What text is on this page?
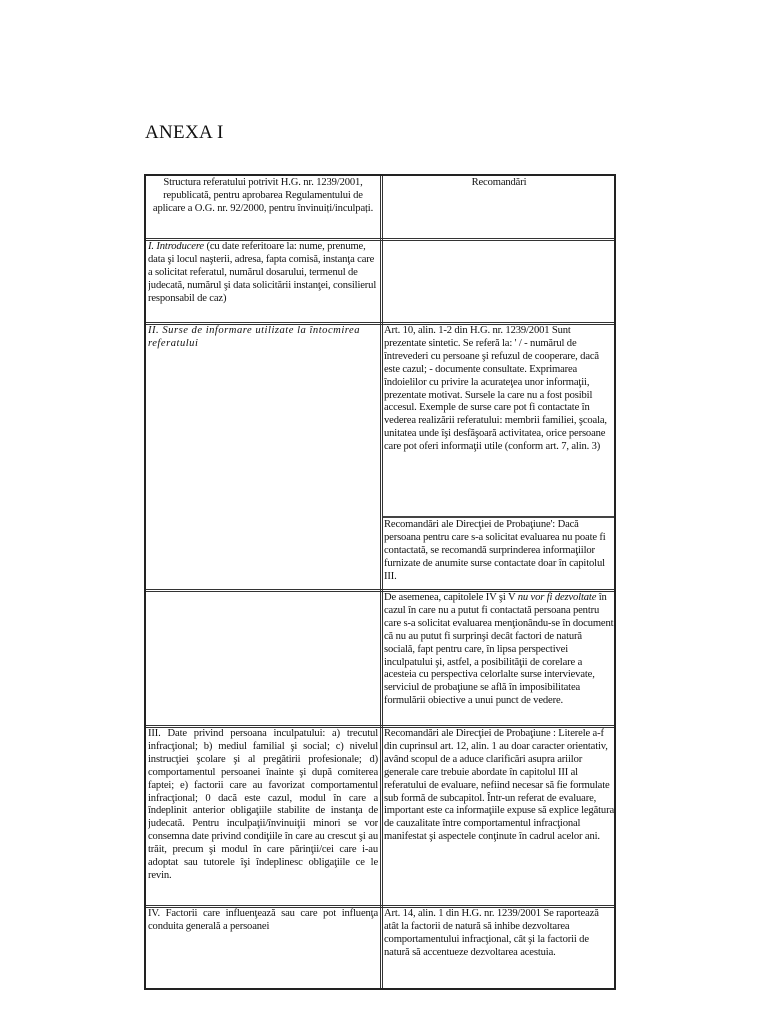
ANEXA I
Structura referatului potrivit H.G. nr. 1239/2001, republicată, pentru aprobarea Regulamentului de aplicare a O.G. nr. 92/2000, pentru învinuiți/inculpați.
Recomandări
I. Introducere (cu date referitoare la: nume, prenume, data şi locul naşterii, adresa, fapta comisă, instanţa care a solicitat referatul, numărul dosarului, termenul de judecată, numărul şi data solicitării instanţei, consilierul responsabil de caz)
II. Surse de informare utilizate la întocmirea referatului
Art. 10, alin. 1-2 din H.G. nr. 1239/2001 Sunt prezentate sintetic. Se referă la: ' / - numărul de întrevederi cu persoane şi refuzul de cooperare, dacă este cazul; - documente consultate. Exprimarea îndoielilor cu privire la acurateţea unor informaţii, prezentate motivat. Sursele la care nu a fost posibil accesul. Exemple de surse care pot fi contactate în vederea realizării referatului: membrii familiei, şcoala, unitatea unde îşi desfăşoară activitatea, orice persoane care pot oferi informaţii utile (conform art. 7, alin. 3)
Recomandări ale Direcţiei de Probaţiune': Dacă persoana pentru care s-a solicitat evaluarea nu poate fi contactată, se recomandă surprinderea informaţiilor furnizate de anumite surse contactate doar în capitolul III.
De asemenea, capitolele IV şi V nu vor fi dezvoltate în cazul în care nu a putut fi contactată persoana pentru care s-a solicitat evaluarea menţionându-se în document că nu au putut fi surprinşi decât factori de natură socială, fapt pentru care, în lipsa perspectivei inculpatului şi, astfel, a posibilităţii de corelare a acesteia cu perspectiva celorlalte surse intervievate, serviciul de probaţiune se află în imposibilitatea formulării obiective a unui punct de vedere.
III. Date privind persoana inculpatului: a) trecutul infracţional; b) mediul familial şi social; c) nivelul instrucţiei şcolare şi al pregătirii profesionale; d) comportamentul persoanei înainte şi după comiterea faptei; e) factorii care au favorizat comportamentul infracţional; 0 dacă este cazul, modul în care a îndeplinit anterior obligaţiile stabilite de instanţa de judecată. Pentru inculpaţii/învinuiţii minori se vor consemna date privind condiţiile în care au crescut şi au trăit, precum şi modul în care părinţii/cei care i-au adoptat sau tutorele îşi îndeplinesc obligaţiile ce le revin.
Recomandări ale Direcţiei de Probaţiune : Literele a-f din cuprinsul art. 12, alin. 1 au doar caracter orientativ, având scopul de a aduce clarificări asupra ariilor generale care trebuie abordate în capitolul III al referatului de evaluare, nefiind necesar să fie formulate sub formă de subcapitol. Într-un referat de evaluare, important este ca informaţiile expuse să explice legătura de cauzalitate între comportamentul infracţional manifestat şi aspectele conţinute în cadrul acelor ani.
IV. Factorii care influenţează sau care pot influenţa conduita generală a persoanei
Art. 14, alin. 1 din H.G. nr. 1239/2001 Se raportează atât la factorii de natură să inhibe dezvoltarea comportamentului infracţional, cât şi la factorii de natură să accentueze dezvoltarea acestuia.
